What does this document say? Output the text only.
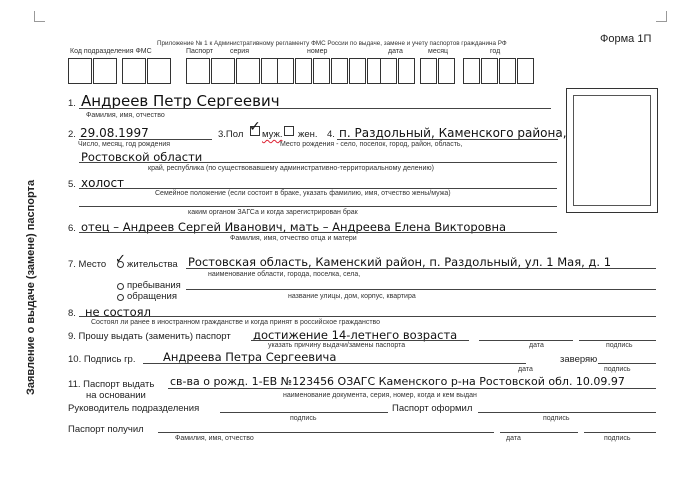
Заявление о выдаче (замене) паспорта
Приложение № 1 к Административному регламенту ФМС России по выдаче, замене и учету паспортов гражданина РФ	Форма 1П
Код подразделения ФМС	Паспорт серия	номер	дата	месяц	год
1. Андреев Петр Сергеевич
Фамилия, имя, отчество
2. 29.08.1997
Число, месяц, год рождения
3.Пол
✓
муж. жен. 4. п. Раздольный, Каменского района,
Место рождения - село, поселок, город, район, область,
Ростовской области
край, республика (по существовавшему административно-территориальному делению)
5. холост
Семейное положение (если состоит в браке, указать фамилию, имя, отчество жены/мужа)
каким органом ЗАГСа и когда зарегистрирован брак
6. отец – Андреев Сергей Иванович, мать – Андреева Елена Викторовна
Фамилия, имя, отчество отца и матери
7. Место ✓ жительства Ростовская область, Каменский район, п. Раздольный, ул. 1 Мая, д. 1
наименование области, города, поселка, села,
пребывания
обращения	название улицы, дом, корпус, квартира
8. не состоял
Состоял ли ранее в иностранном гражданстве и когда принят в российское гражданство
9. Прошу выдать (заменить) паспорт достижение 14-летнего возраста
указать причину выдачи/замены паспорта	дата	подпись
10. Подпись гр. Андреева Петра Сергеевича	заверяю
дата	подпись
11. Паспорт выдать св-ва о рожд. 1-ЕВ №123456 ОЗАГС Каменского р-на Ростовской обл. 10.09.97
на основании	наименование документа, серия, номер, когда и кем выдан
Руководитель подразделения
подпись
Паспорт оформил
подпись
Паспорт получил
Фамилия, имя, отчество	дата	подпись
